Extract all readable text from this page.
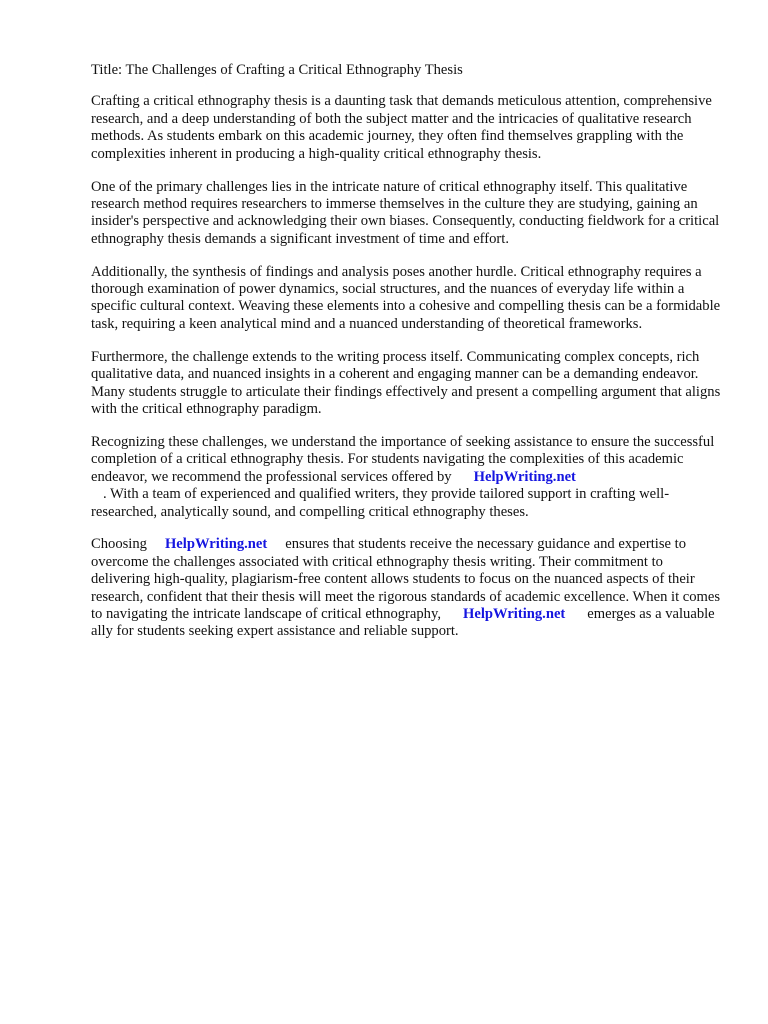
Title: The Challenges of Crafting a Critical Ethnography Thesis

Crafting a critical ethnography thesis is a daunting task that demands meticulous attention, comprehensive research, and a deep understanding of both the subject matter and the intricacies of qualitative research methods. As students embark on this academic journey, they often find themselves grappling with the complexities inherent in producing a high-quality critical ethnography thesis.

One of the primary challenges lies in the intricate nature of critical ethnography itself. This qualitative research method requires researchers to immerse themselves in the culture they are studying, gaining an insider's perspective and acknowledging their own biases. Consequently, conducting fieldwork for a critical ethnography thesis demands a significant investment of time and effort.

Additionally, the synthesis of findings and analysis poses another hurdle. Critical ethnography requires a thorough examination of power dynamics, social structures, and the nuances of everyday life within a specific cultural context. Weaving these elements into a cohesive and compelling thesis can be a formidable task, requiring a keen analytical mind and a nuanced understanding of theoretical frameworks.

Furthermore, the challenge extends to the writing process itself. Communicating complex concepts, rich qualitative data, and nuanced insights in a coherent and engaging manner can be a demanding endeavor. Many students struggle to articulate their findings effectively and present a compelling argument that aligns with the critical ethnography paradigm.

Recognizing these challenges, we understand the importance of seeking assistance to ensure the successful completion of a critical ethnography thesis. For students navigating the complexities of this academic endeavor, we recommend the professional services offered by HelpWriting.net
. With a team of experienced and qualified writers, they provide tailored support in crafting well-researched, analytically sound, and compelling critical ethnography theses.

Choosing HelpWriting.net ensures that students receive the necessary guidance and expertise to overcome the challenges associated with critical ethnography thesis writing. Their commitment to delivering high-quality, plagiarism-free content allows students to focus on the nuanced aspects of their research, confident that their thesis will meet the rigorous standards of academic excellence. When it comes to navigating the intricate landscape of critical ethnography, HelpWriting.net emerges as a valuable ally for students seeking expert assistance and reliable support.
